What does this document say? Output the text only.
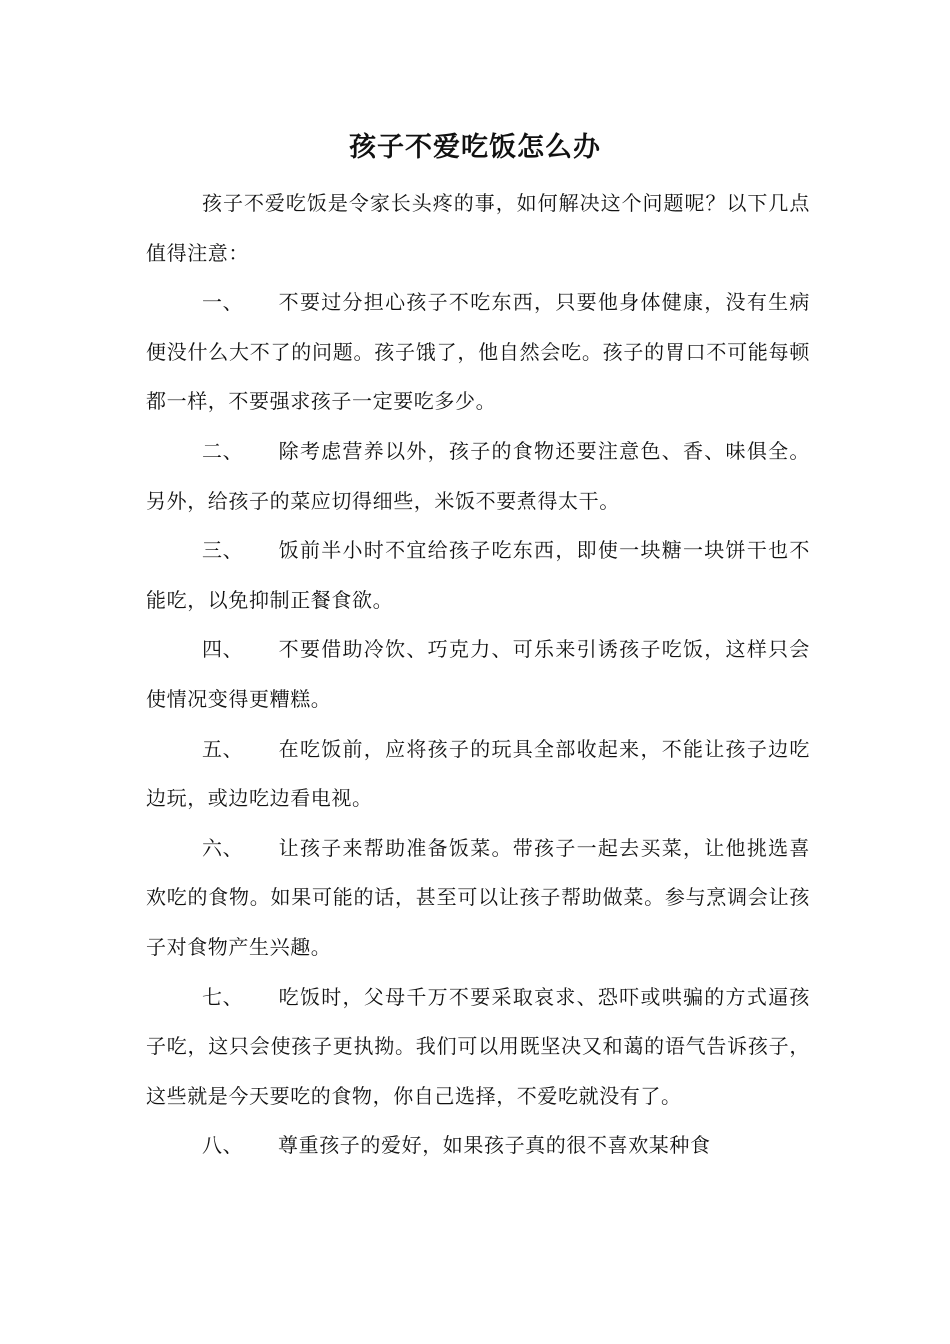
孩子不爱吃饭怎么办

孩子不爱吃饭是令家长头疼的事，如何解决这个问题呢？以下几点值得注意：

一、 不要过分担心孩子不吃东西，只要他身体健康，没有生病便没什么大不了的问题。孩子饿了，他自然会吃。孩子的胃口不可能每顿都一样，不要强求孩子一定要吃多少。

二、 除考虑营养以外，孩子的食物还要注意色、香、味俱全。另外，给孩子的菜应切得细些，米饭不要煮得太干。

三、 饭前半小时不宜给孩子吃东西，即使一块糖一块饼干也不能吃，以免抑制正餐食欲。

四、 不要借助冷饮、巧克力、可乐来引诱孩子吃饭，这样只会使情况变得更糟糕。

五、 在吃饭前，应将孩子的玩具全部收起来，不能让孩子边吃边玩，或边吃边看电视。

六、 让孩子来帮助准备饭菜。带孩子一起去买菜，让他挑选喜欢吃的食物。如果可能的话，甚至可以让孩子帮助做菜。参与烹调会让孩子对食物产生兴趣。

七、 吃饭时，父母千万不要采取哀求、恐吓或哄骗的方式逼孩子吃，这只会使孩子更执拗。我们可以用既坚决又和蔼的语气告诉孩子，这些就是今天要吃的食物，你自己选择，不爱吃就没有了。

八、 尊重孩子的爱好，如果孩子真的很不喜欢某种食
